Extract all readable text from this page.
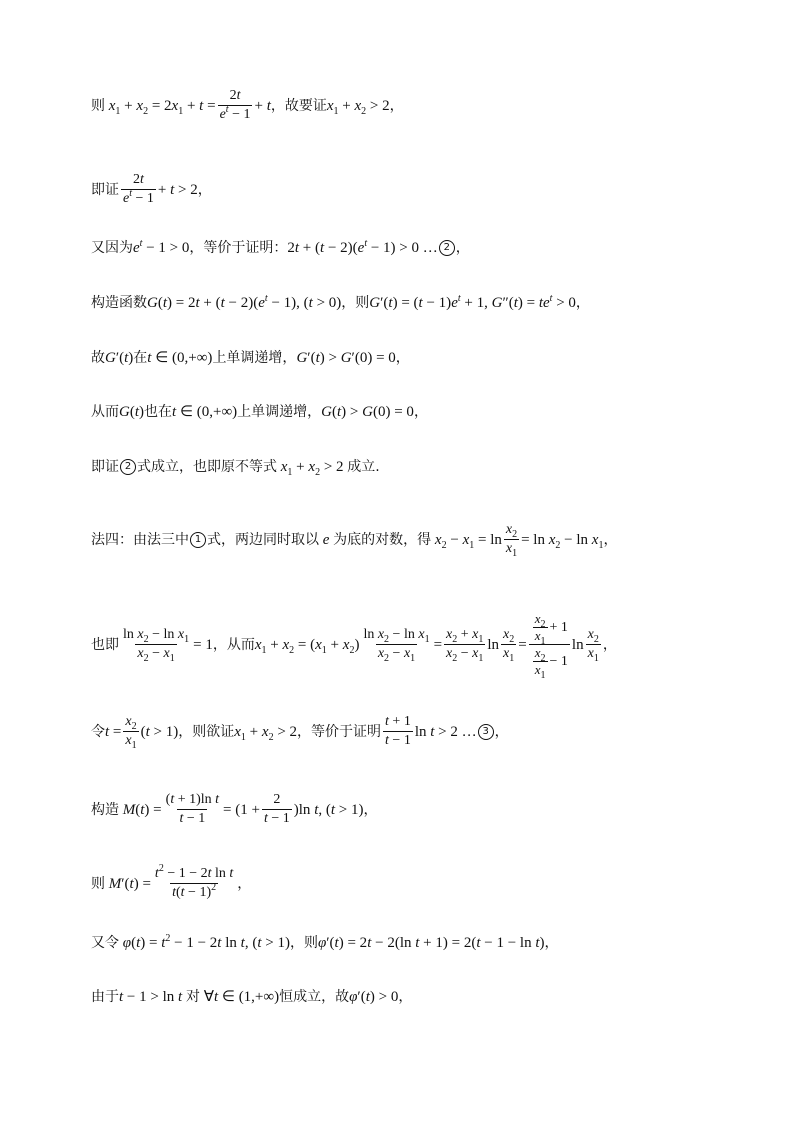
则 $x_1 + x_2 = 2x_1 + t = \frac{2t}{e^t - 1} + t$ ，故要证 $x_1 + x_2 > 2$ ，
即证 $\frac{2t}{e^t - 1} + t > 2$ ，
又因为 $e^t - 1 > 0$ ，等价于证明： $2t + (t - 2)(e^t - 1) > 0$ … 2 ，
构造函数 $G(t) = 2t + (t - 2)(e^t - 1)$, (t > 0) ，则 $G'(t) = (t - 1)e^t + 1$, $G''(t) = te^t > 0$ ，
故 G′(t) 在 t ∈ (0,+∞) 上单调递增， G′(t) > G′(0) = 0 ，
从而 G(t) 也在 t ∈ (0,+∞) 上单调递增， G(t) > G(0) = 0 ，
即证 2 式成立，也即原不等式 $x_1 + x_2 > 2$ 成立.
法四：由法三中 1 式，两边同时取以 e 为底的对数，得 $x_2 - x_1 = \ln \frac{x_2}{x_1} = \ln x_2 - \ln x_1$ ，
也即 $\frac{\ln x_2 - \ln x_1}{x_2 - x_1} = 1$ ，从而 $x_1 + x_2 = (x_1 + x_2) \frac{\ln x_2 - \ln x_1}{x_2 - x_1} = \frac{x_2 + x_1}{x_2 - x_1}$ $\ln \frac{x_2}{x_1} = \frac{\frac{x_2}{x_1} + 1}{\frac{x_2}{x_1} - 1}$ $\ln \frac{x_2}{x_1}$ ，
令 $t = \frac{x_2}{x_1} (t > 1)$ ，则欲证 $x_1 + x_2 > 2$ ，等价于证明 $\frac{t + 1}{t - 1}$ ln t > 2 … 3 ，
构造 $M(t) = \frac{\text{(t + 1)ln t}}{t - 1} = (1 + \frac{2}{t - 1} )\ln$ t, (t > 1) ，
则 $M'(t) = \frac{t^2 - 1 - 2t \ln t}{t(t - 1)^2}$ ，
又令 $\varphi(t) = t^2 - 1 - 2t$ ln t, (t > 1) ，则 φ′(t) = 2t − 2(ln t + 1) = 2(t − 1 − ln t) ，
由于 t − 1 > ln t 对 ∀t ∈ (1,+∞) 恒成立，故 φ′(t) > 0 ，
